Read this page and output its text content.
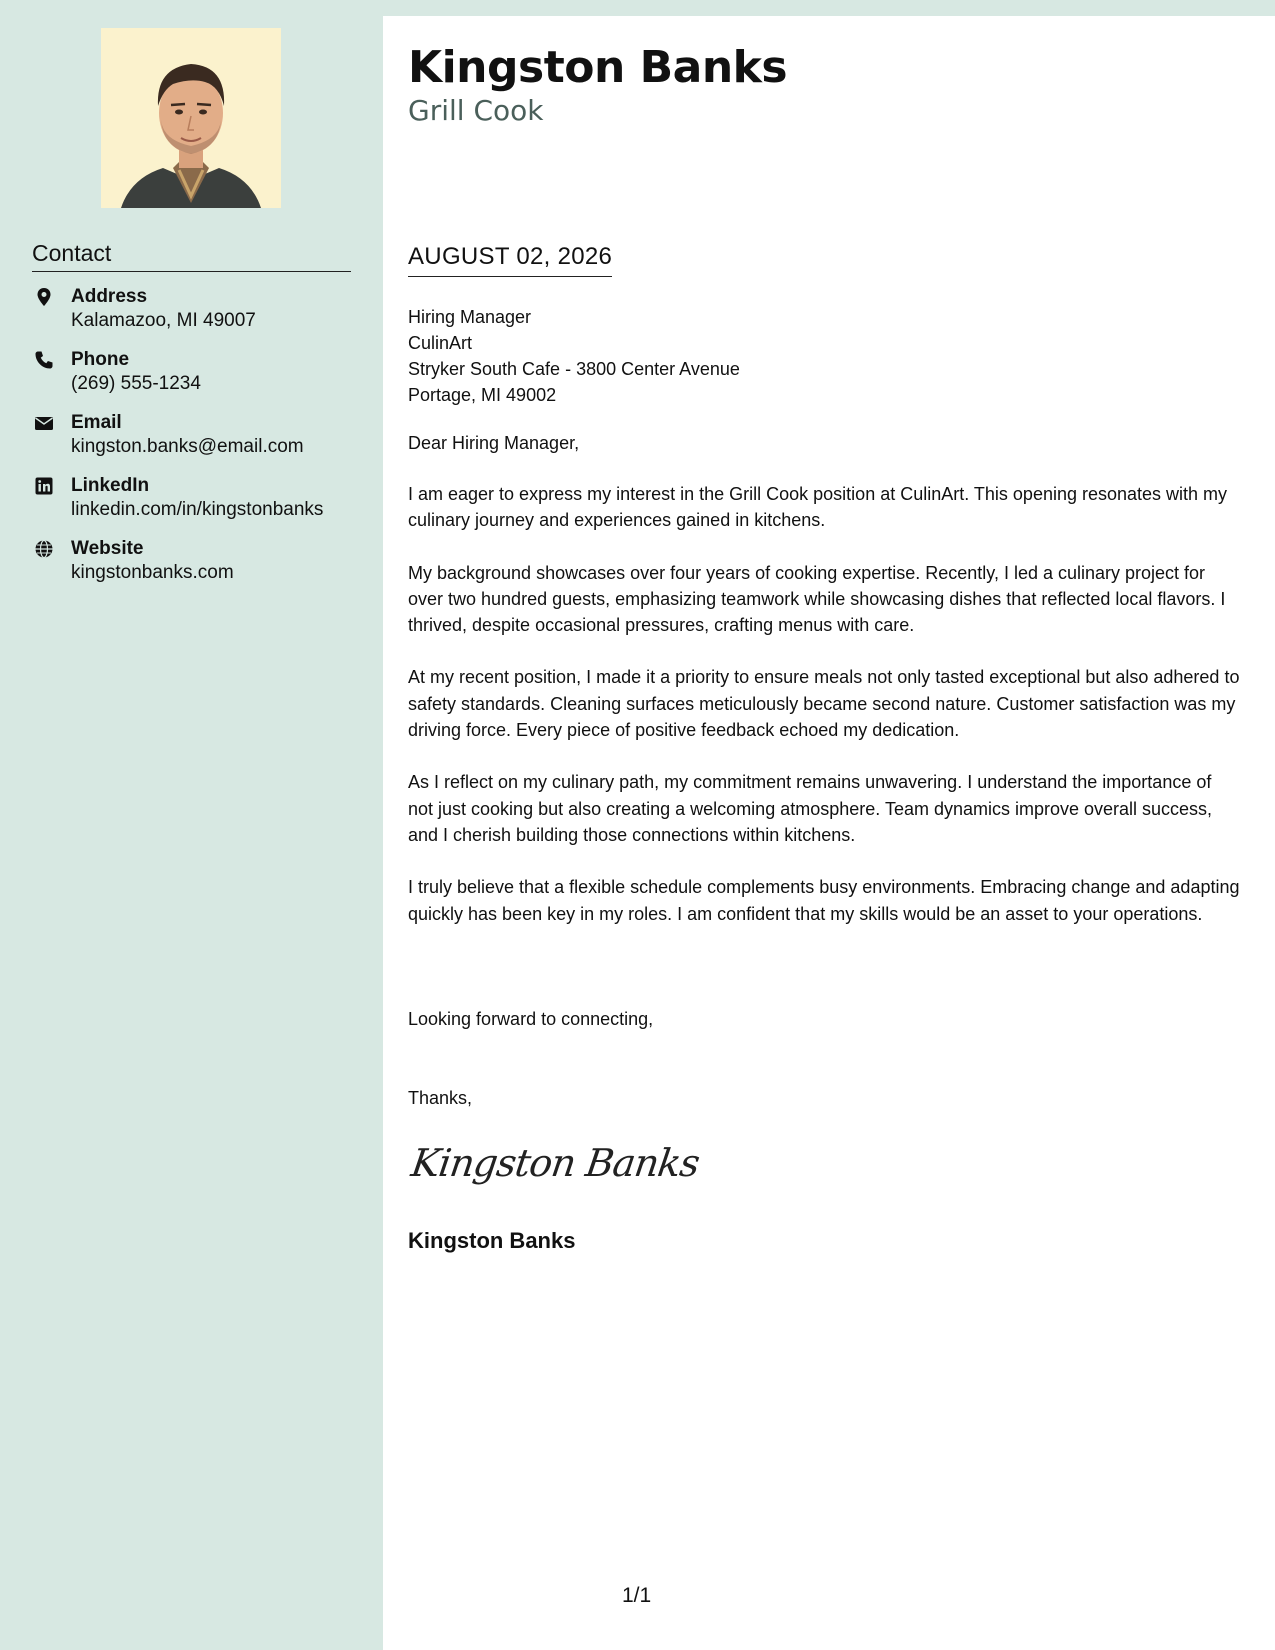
Contact
Address
Kalamazoo, MI 49007
Phone
(269) 555-1234
Email
kingston.banks@email.com
LinkedIn
linkedin.com/in/kingstonbanks
Website
kingstonbanks.com
Kingston Banks
Grill Cook
AUGUST 02, 2026
Hiring Manager
CulinArt
Stryker South Cafe - 3800 Center Avenue
Portage, MI 49002
Dear Hiring Manager,

I am eager to express my interest in the Grill Cook position at CulinArt. This opening resonates with my culinary journey and experiences gained in kitchens.

My background showcases over four years of cooking expertise. Recently, I led a culinary project for over two hundred guests, emphasizing teamwork while showcasing dishes that reflected local flavors. I thrived, despite occasional pressures, crafting menus with care.

At my recent position, I made it a priority to ensure meals not only tasted exceptional but also adhered to safety standards. Cleaning surfaces meticulously became second nature. Customer satisfaction was my driving force. Every piece of positive feedback echoed my dedication.

As I reflect on my culinary path, my commitment remains unwavering. I understand the importance of not just cooking but also creating a welcoming atmosphere. Team dynamics improve overall success, and I cherish building those connections within kitchens.

I truly believe that a flexible schedule complements busy environments. Embracing change and adapting quickly has been key in my roles. I am confident that my skills would be an asset to your operations.

Looking forward to connecting,
Thanks,
Kingston Banks
Kingston Banks
1/1
